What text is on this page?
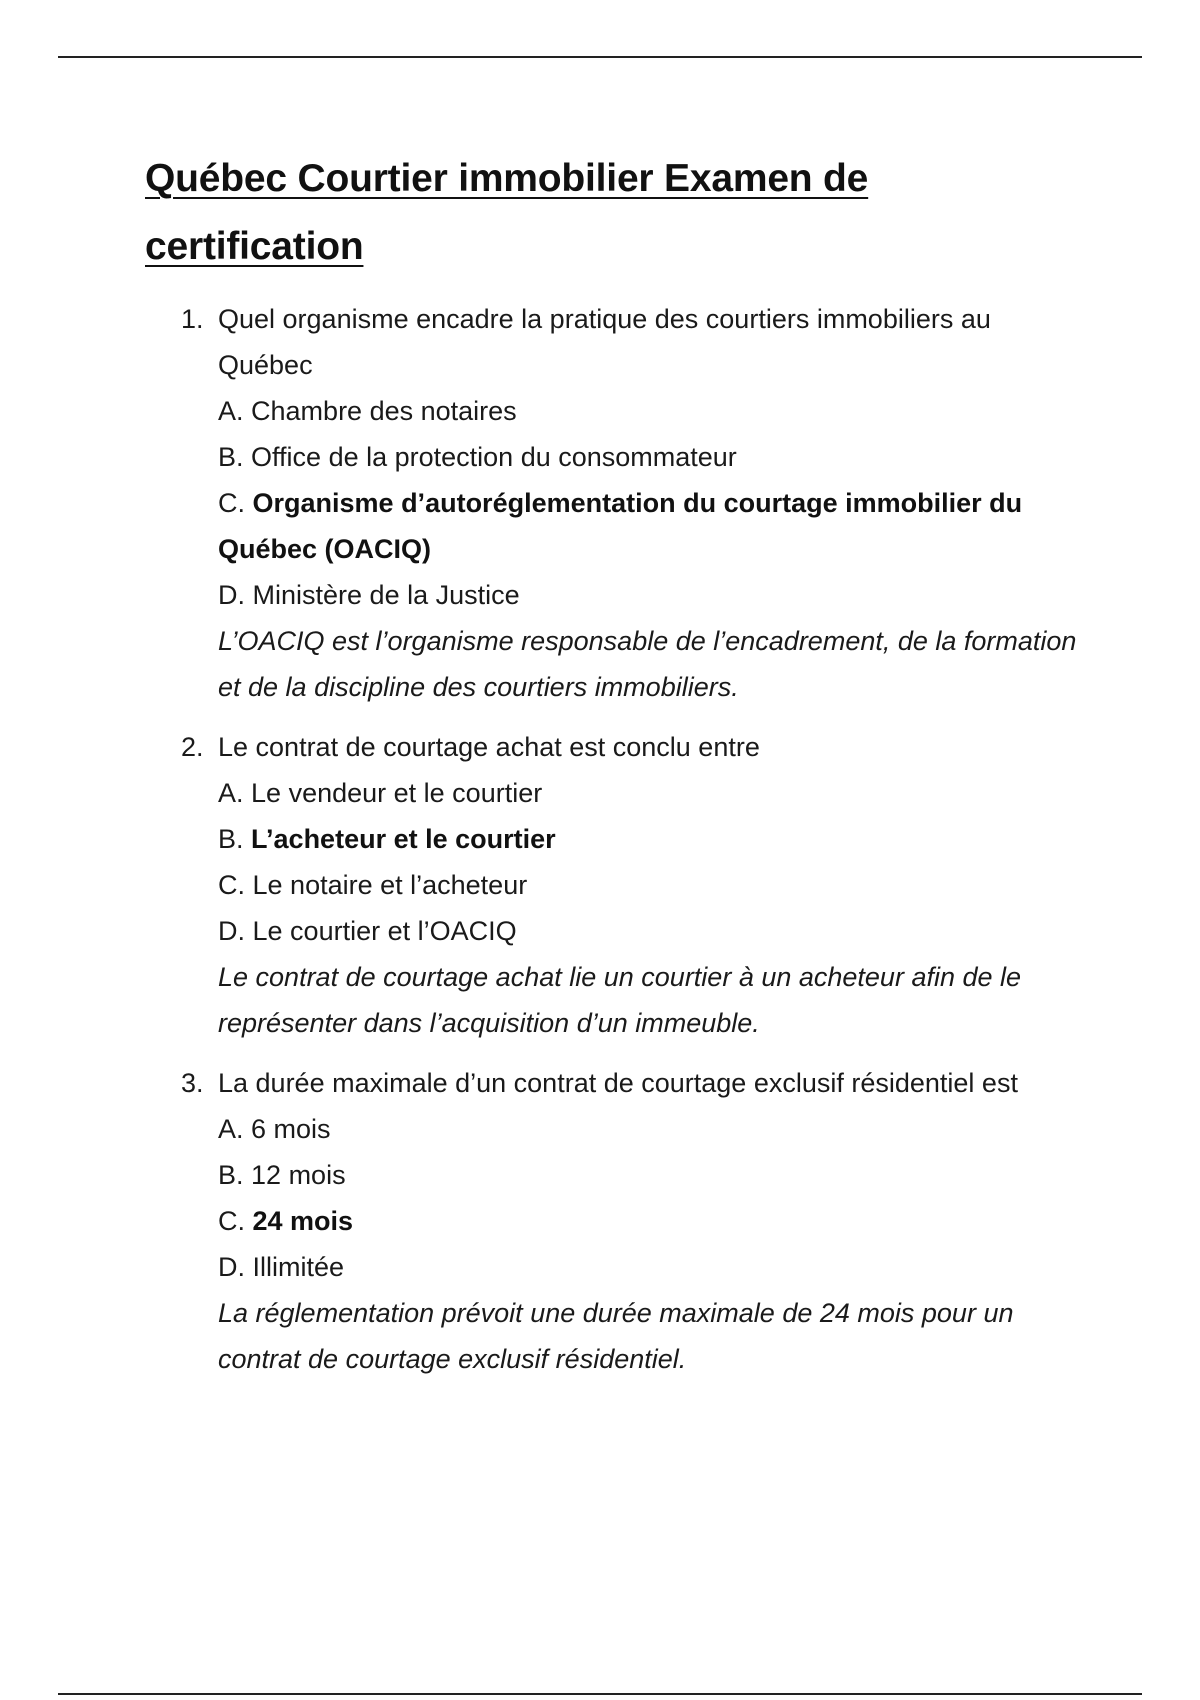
Québec Courtier immobilier Examen de certification
1. Quel organisme encadre la pratique des courtiers immobiliers au Québec
A. Chambre des notaires
B. Office de la protection du consommateur
C. Organisme d’autoréglementation du courtage immobilier du Québec (OACIQ)
D. Ministère de la Justice
L’OACIQ est l’organisme responsable de l’encadrement, de la formation et de la discipline des courtiers immobiliers.
2. Le contrat de courtage achat est conclu entre
A. Le vendeur et le courtier
B. L’acheteur et le courtier
C. Le notaire et l’acheteur
D. Le courtier et l’OACIQ
Le contrat de courtage achat lie un courtier à un acheteur afin de le représenter dans l’acquisition d’un immeuble.
3. La durée maximale d’un contrat de courtage exclusif résidentiel est
A. 6 mois
B. 12 mois
C. 24 mois
D. Illimitée
La réglementation prévoit une durée maximale de 24 mois pour un contrat de courtage exclusif résidentiel.
